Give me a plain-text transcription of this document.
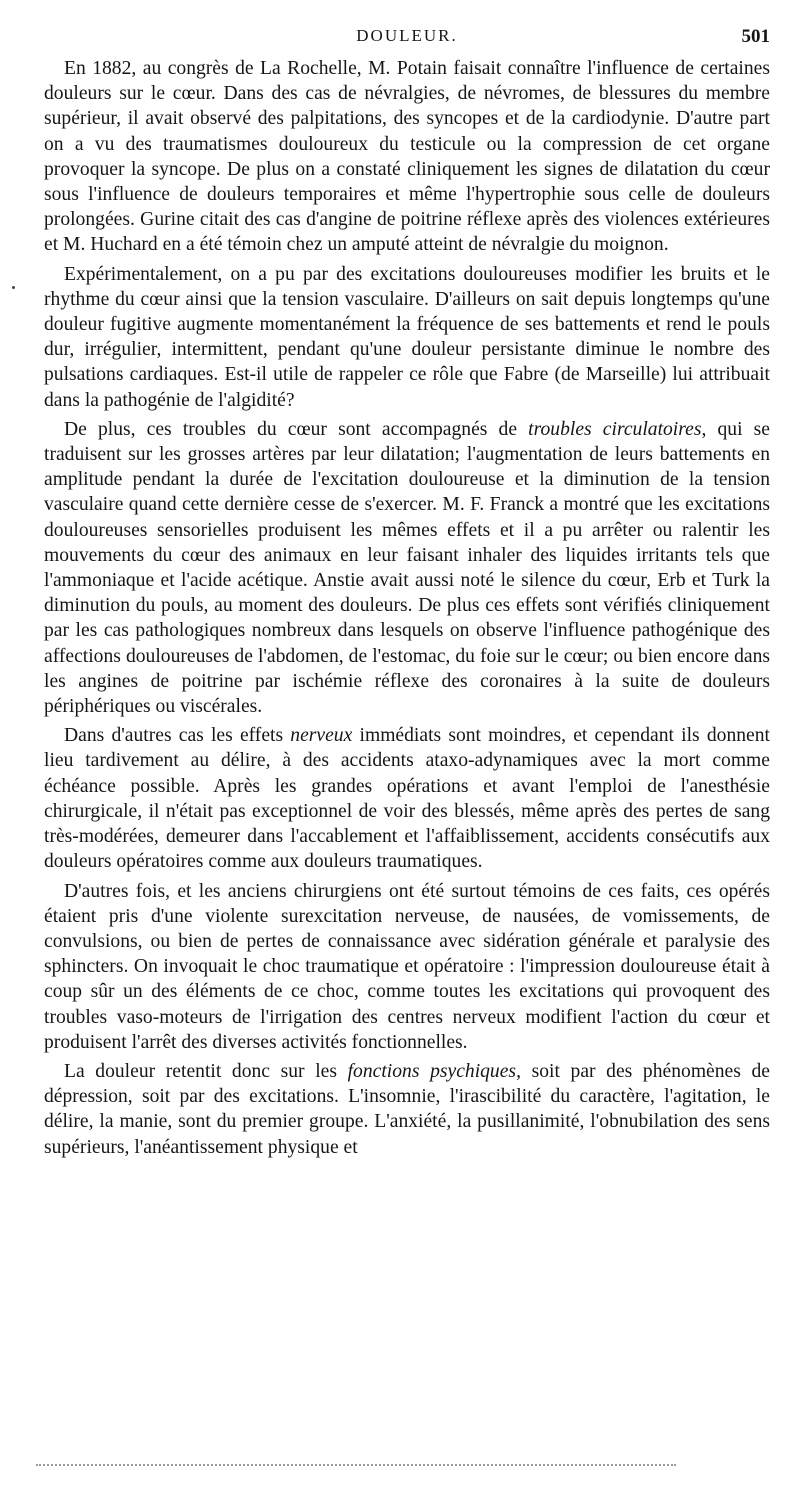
DOULEUR.	501

En 1882, au congrès de La Rochelle, M. Potain faisait connaître l'influence de certaines douleurs sur le cœur. Dans des cas de névralgies, de névromes, de blessures du membre supérieur, il avait observé des palpitations, des syncopes et de la cardiodynie. D'autre part on a vu des traumatismes douloureux du testicule ou la compression de cet organe provoquer la syncope. De plus on a constaté cliniquement les signes de dilatation du cœur sous l'influence de douleurs temporaires et même l'hypertrophie sous celle de douleurs prolongées. Gurine citait des cas d'angine de poitrine réflexe après des violences extérieures et M. Huchard en a été témoin chez un amputé atteint de névralgie du moignon.

Expérimentalement, on a pu par des excitations douloureuses modifier les bruits et le rhythme du cœur ainsi que la tension vasculaire. D'ailleurs on sait depuis longtemps qu'une douleur fugitive augmente momentanément la fréquence de ses battements et rend le pouls dur, irrégulier, intermittent, pendant qu'une douleur persistante diminue le nombre des pulsations cardiaques. Est-il utile de rappeler ce rôle que Fabre (de Marseille) lui attribuait dans la pathogénie de l'algidité?

De plus, ces troubles du cœur sont accompagnés de troubles circulatoires, qui se traduisent sur les grosses artères par leur dilatation; l'augmentation de leurs battements en amplitude pendant la durée de l'excitation douloureuse et la diminution de la tension vasculaire quand cette dernière cesse de s'exercer. M. F. Franck a montré que les excitations douloureuses sensorielles produisent les mêmes effets et il a pu arrêter ou ralentir les mouvements du cœur des animaux en leur faisant inhaler des liquides irritants tels que l'ammoniaque et l'acide acétique. Anstie avait aussi noté le silence du cœur, Erb et Turk la diminution du pouls, au moment des douleurs. De plus ces effets sont vérifiés cliniquement par les cas pathologiques nombreux dans lesquels on observe l'influence pathogénique des affections douloureuses de l'abdomen, de l'estomac, du foie sur le cœur; ou bien encore dans les angines de poitrine par ischémie réflexe des coronaires à la suite de douleurs périphériques ou viscérales.

Dans d'autres cas les effets nerveux immédiats sont moindres, et cependant ils donnent lieu tardivement au délire, à des accidents ataxo-adynamiques avec la mort comme échéance possible. Après les grandes opérations et avant l'emploi de l'anesthésie chirurgicale, il n'était pas exceptionnel de voir des blessés, même après des pertes de sang très-modérées, demeurer dans l'accablement et l'affaiblissement, accidents consécutifs aux douleurs opératoires comme aux douleurs traumatiques.

D'autres fois, et les anciens chirurgiens ont été surtout témoins de ces faits, ces opérés étaient pris d'une violente surexcitation nerveuse, de nausées, de vomissements, de convulsions, ou bien de pertes de connaissance avec sidération générale et paralysie des sphincters. On invoquait le choc traumatique et opératoire : l'impression douloureuse était à coup sûr un des éléments de ce choc, comme toutes les excitations qui provoquent des troubles vaso-moteurs de l'irrigation des centres nerveux modifient l'action du cœur et produisent l'arrêt des diverses activités fonctionnelles.

La douleur retentit donc sur les fonctions psychiques, soit par des phénomènes de dépression, soit par des excitations. L'insomnie, l'irascibilité du caractère, l'agitation, le délire, la manie, sont du premier groupe. L'anxiété, la pusillanimité, l'obnubilation des sens supérieurs, l'anéantissement physique et
